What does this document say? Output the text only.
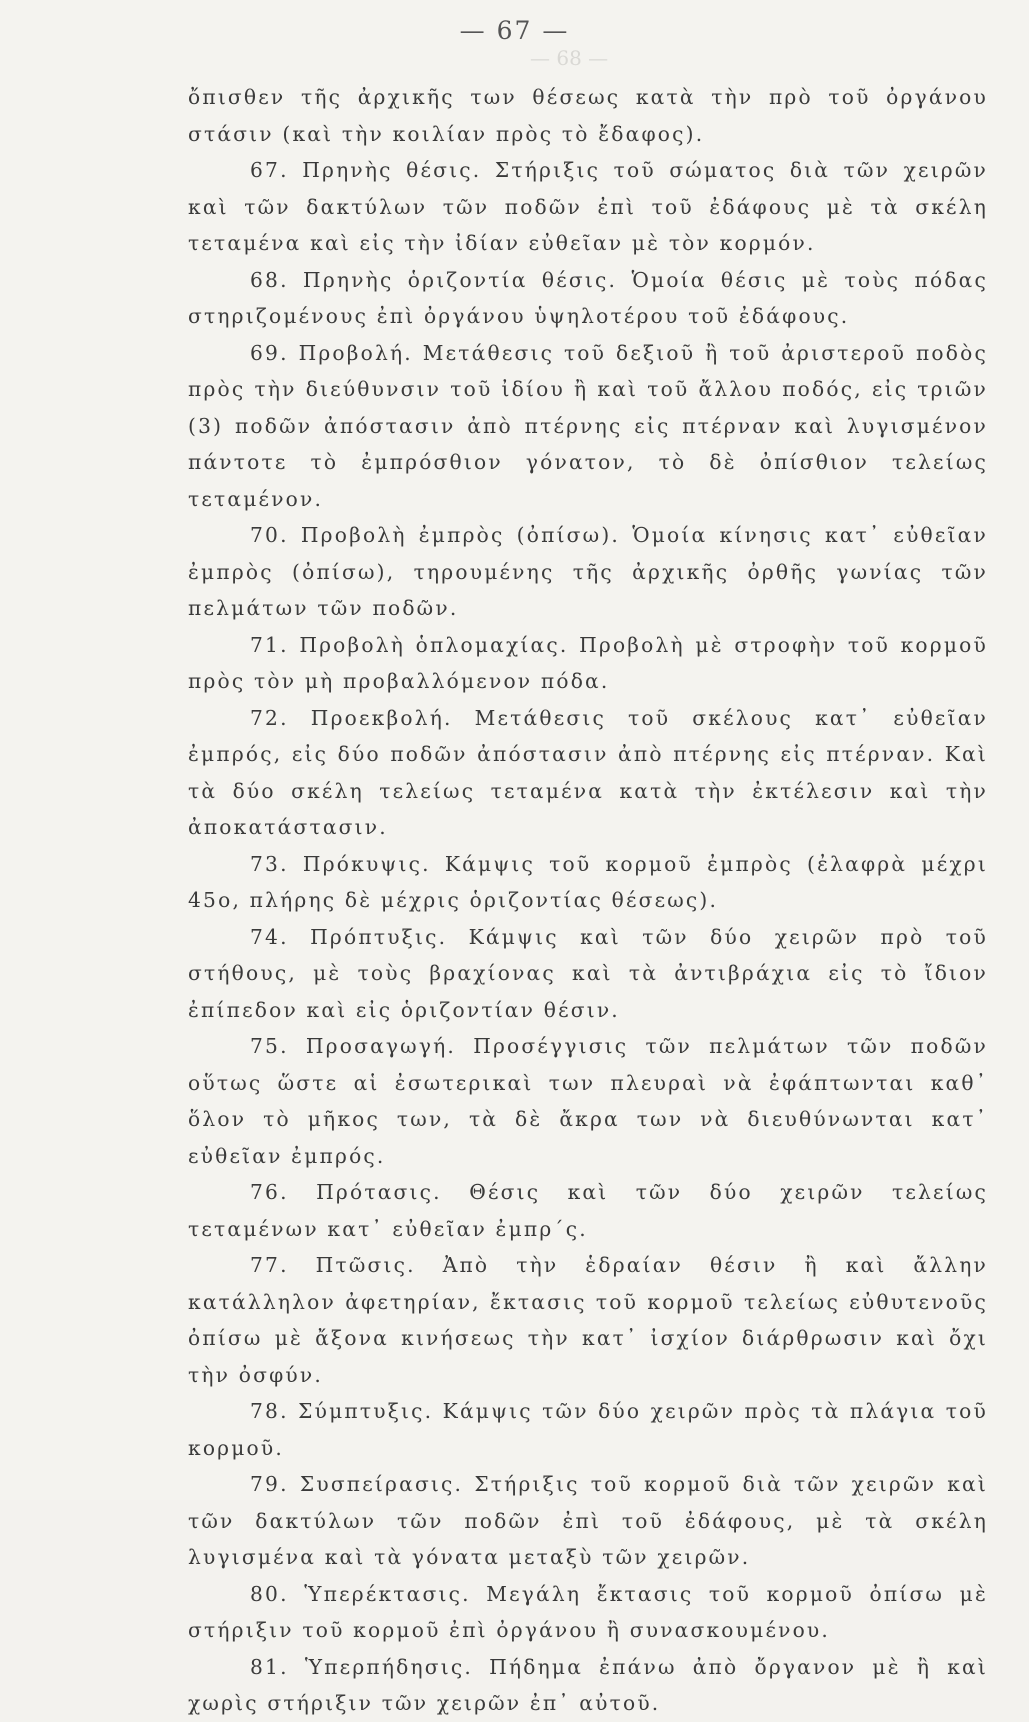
— 68 —
— 67 —

ὄπισθεν τῆς ἀρχικῆς των θέσεως κατὰ τὴν πρὸ τοῦ ὀργάνου στάσιν (καὶ τὴν κοιλίαν πρὸς τὸ ἔδαφος).

67. Πρηνὴς θέσις. Στήριξις τοῦ σώματος διὰ τῶν χειρῶν καὶ τῶν δακτύλων τῶν ποδῶν ἐπὶ τοῦ ἐδάφους μὲ τὰ σκέλη τεταμένα καὶ εἰς τὴν ἰδίαν εὐθεῖαν μὲ τὸν κορμόν.

68. Πρηνὴς ὁριζοντία θέσις. Ὁμοία θέσις μὲ τοὺς πόδας στηριζομένους ἐπὶ ὀργάνου ὑψηλοτέρου τοῦ ἐδάφους.

69. Προβολή. Μετάθεσις τοῦ δεξιοῦ ἢ τοῦ ἀριστεροῦ ποδὸς πρὸς τὴν διεύθυνσιν τοῦ ἰδίου ἢ καὶ τοῦ ἄλλου ποδός, εἰς τριῶν (3) ποδῶν ἀπόστασιν ἀπὸ πτέρνης εἰς πτέρναν καὶ λυγισμένον πάντοτε τὸ ἐμπρόσθιον γόνατον, τὸ δὲ ὀπίσθιον τελείως τεταμένον.

70. Προβολὴ ἐμπρὸς (ὀπίσω). Ὁμοία κίνησις κατ᾽ εὐθεῖαν ἐμπρὸς (ὀπίσω), τηρουμένης τῆς ἀρχικῆς ὀρθῆς γωνίας τῶν πελμάτων τῶν ποδῶν.

71. Προβολὴ ὁπλομαχίας. Προβολὴ μὲ στροφὴν τοῦ κορμοῦ πρὸς τὸν μὴ προβαλλόμενον πόδα.

72. Προεκβολή. Μετάθεσις τοῦ σκέλους κατ᾽ εὐθεῖαν ἐμπρός, εἰς δύο ποδῶν ἀπόστασιν ἀπὸ πτέρνης εἰς πτέρναν. Καὶ τὰ δύο σκέλη τελείως τεταμένα κατὰ τὴν ἐκτέλεσιν καὶ τὴν ἀποκατάστασιν.

73. Πρόκυψις. Κάμψις τοῦ κορμοῦ ἐμπρὸς (ἐλαφρὰ μέχρι 45ο, πλήρης δὲ μέχρις ὁριζοντίας θέσεως).

74. Πρόπτυξις. Κάμψις καὶ τῶν δύο χειρῶν πρὸ τοῦ στήθους, μὲ τοὺς βραχίονας καὶ τὰ ἀντιβράχια εἰς τὸ ἴδιον ἐπίπεδον καὶ εἰς ὁριζοντίαν θέσιν.

75. Προσαγωγή. Προσέγγισις τῶν πελμάτων τῶν ποδῶν οὕτως ὥστε αἱ ἐσωτερικαὶ των πλευραὶ νὰ ἐφάπτωνται καθ᾽ ὅλον τὸ μῆκος των, τὰ δὲ ἄκρα των νὰ διευθύνωνται κατ᾽ εὐθεῖαν ἐμπρός.

76. Πρότασις. Θέσις καὶ τῶν δύο χειρῶν τελείως τεταμένων κατ᾽ εὐθεῖαν ἐμπρ΄ς.

77. Πτῶσις. Ἀπὸ τὴν ἑδραίαν θέσιν ἢ καὶ ἄλλην κατάλληλον ἀφετηρίαν, ἔκτασις τοῦ κορμοῦ τελείως εὐθυτενοῦς ὀπίσω μὲ ἄξονα κινήσεως τὴν κατ᾽ ἰσχίον διάρθρωσιν καὶ ὄχι τὴν ὀσφύν.

78. Σύμπτυξις. Κάμψις τῶν δύο χειρῶν πρὸς τὰ πλάγια τοῦ κορμοῦ.

79. Συσπείρασις. Στήριξις τοῦ κορμοῦ διὰ τῶν χειρῶν καὶ τῶν δακτύλων τῶν ποδῶν ἐπὶ τοῦ ἐδάφους, μὲ τὰ σκέλη λυγισμένα καὶ τὰ γόνατα μεταξὺ τῶν χειρῶν.

80. Ὑπερέκτασις. Μεγάλη ἔκτασις τοῦ κορμοῦ ὀπίσω μὲ στήριξιν τοῦ κορμοῦ ἐπὶ ὀργάνου ἢ συνασκουμένου.

81. Ὑπερπήδησις. Πήδημα ἐπάνω ἀπὸ ὄργανον μὲ ἢ καὶ χωρὶς στήριξιν τῶν χειρῶν ἐπ᾽ αὐτοῦ.
